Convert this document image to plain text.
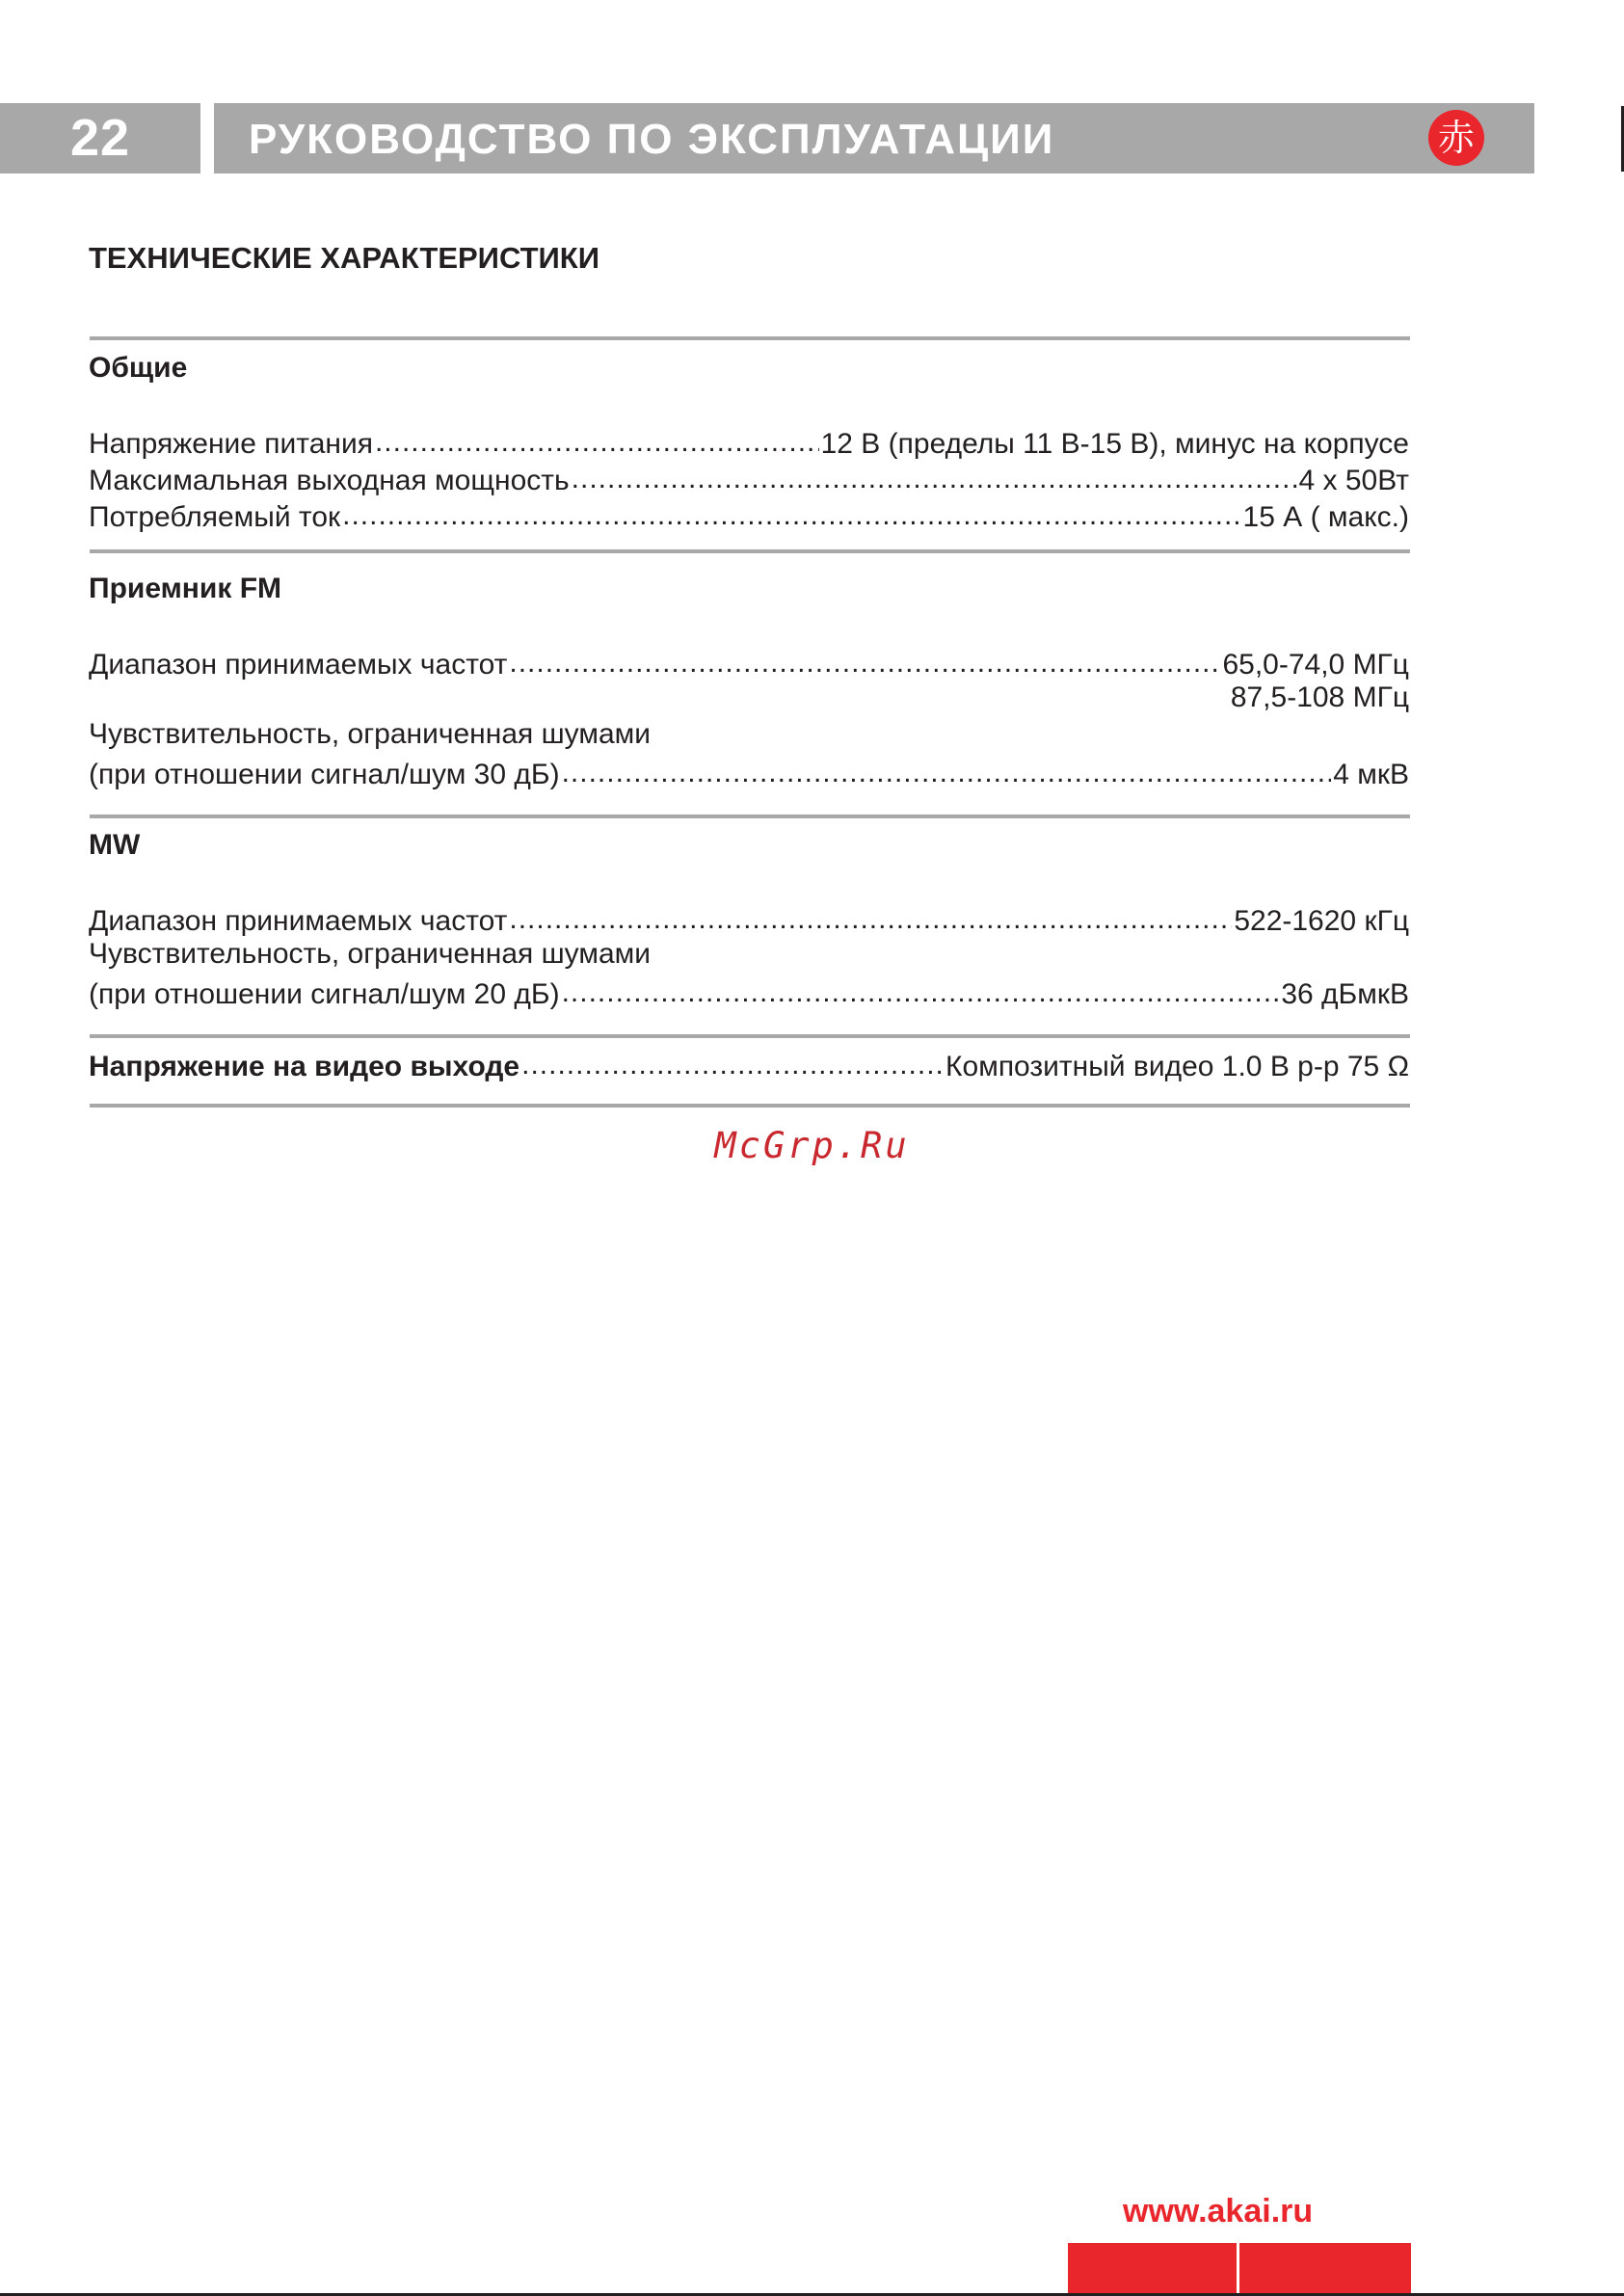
22	РУКОВОДСТВО ПО ЭКСПЛУАТАЦИИ	赤
ТЕХНИЧЕСКИЕ ХАРАКТЕРИСТИКИ
Общие
Напряжение питания .....	12 В (пределы 11 В-15 В), минус на корпусе
Максимальная выходная мощность .....	4 х 50Вт
Потребляемый ток .....	15 А ( макс.)
Приемник FM
Диапазон принимаемых частот .....	65,0-74,0 МГц
87,5-108 МГц
Чувствительность, ограниченная шумами
(при отношении сигнал/шум 30 дБ) .....	4 мкВ
MW
Диапазон принимаемых частот .....	522-1620 кГц
Чувствительность, ограниченная шумами
(при отношении сигнал/шум 20 дБ) .....	36 дБмкВ
Напряжение на видео выходе .....	Композитный видео 1.0 В p-p 75 Ω
McGrp.Ru
www.akai.ru
